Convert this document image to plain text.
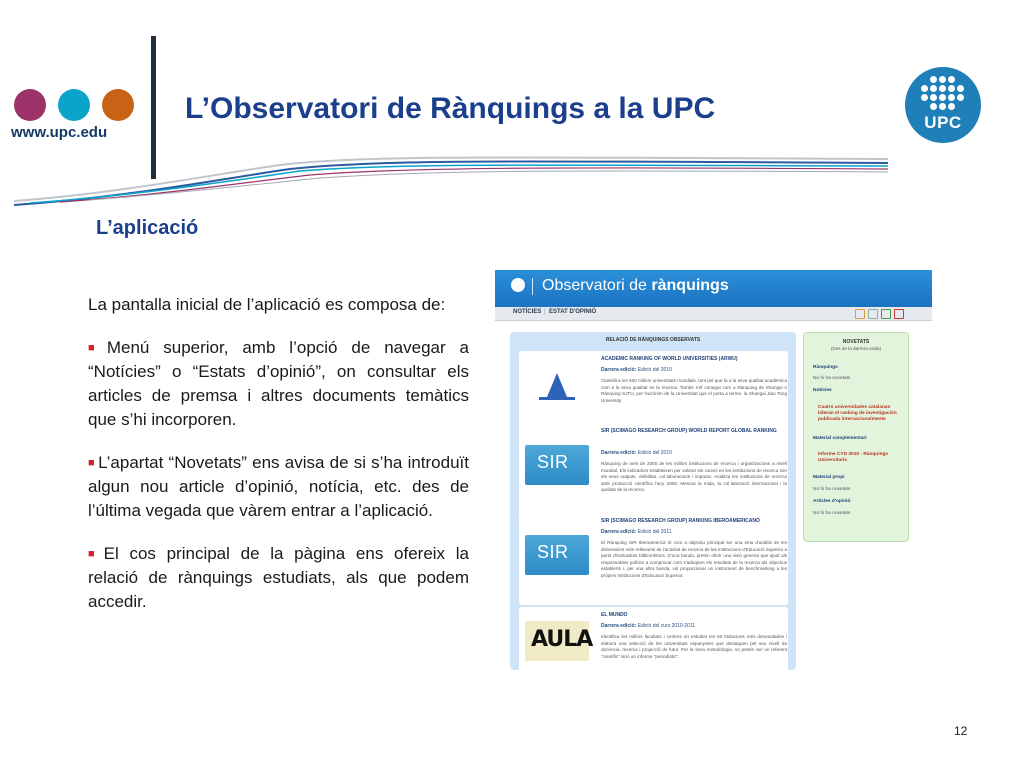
www.upc.edu
L’Observatori de Rànquings a la UPC	UPC
L’aplicació

La pantalla inicial de l’aplicació es composa de:

■ Menú superior, amb l’opció de navegar a “Notícies” o “Estats d’opinió”, on consultar els articles de premsa i altres documents temàtics que s’hi incorporen.

■ L’apartat “Novetats” ens avisa de si s’ha introduït algun nou article d’opinió, notícia, etc. des de l’última vegada que vàrem entrar a l’aplicació.

■ El cos principal de la pàgina ens ofereix la relació de rànquings estudiats, als que podem accedir.

12
Observatori de rànquings
NOTÍCIES | ESTAT D'OPINIÓ
RELACIÓ DE RÀNQUINGS OBSERVATS
ACADEMIC RANKING OF WORLD UNIVERSITIES (ARWU)
Darrera edició: Edició del 2010
Classifica les 500 millors universitats mundials, tant pel que fa a la seva qualitat acadèmica com a la seva qualitat en la recerca. També s'ef conegut com a Rànquing de Shangai o Rànquing SJTU, per l'acrònim de la Universitat que el porta a terme, la Shangai Jiao Tong University
SIR
SIR (SCIMAGO RESEARCH GROUP) WORLD REPORT GLOBAL RANKING
Darrera edició: Edició del 2010
Rànquing de més de 2000 de les millors institucions de recerca i organitzacions a nivell mundial. Els indicadors estableixen per valorar els canvis en les institucions de recerca són els seus outputs, visibilitat, col·laboracions i impacte. Analitza les institucions de recerca amb producció científica l'any 2008. Mesura la mida, la col·laboració internacional i la qualitat de la recerca.
SIR
SIR (SCIMAGO RESEARCH GROUP) RANKING IBEROAMERICANO
Darrera edició: Edició del 2011
El Rànquing SIR Iberoamericà té com a objectiu principal ser una eina d'anàlisi de les dimensions més rellevants de l'activitat de recerca de les institucions d'Educació Superior a partir d'indicadors bibliomètrics. D'una banda, pretén oferir una visió general que ajudi als responsables polítics a comprovar com s'adeqüen els resultats de la recerca als objectius establerts i, per una altra banda, vol proporcionar un instrument de benchmarking a les pròpies Institucions d'Educació Superior.
AULA
EL MUNDO
Darrera edició: Edició del curs 2010-2011
Identifica les millors facultats i centres on estudiar les 50 titulacions més demandades i elabora una selecció de les universitats espanyoles que destaquen pel seu nivell de docència, recerca i projecció de futur. Per la seva metodologia, no pretén ser un referent "científic" sinó un informe "periodístic".
NOVETATS
(Des de la darrera visita)
Rànquings
No hi ha novetats
Notícies
Cuatro universidades catalanas lideran el ranking de investigación publicada internacionalmente
Material complementari
Informe CYD 2010 - Rànquings Universitaris
Material propi
No hi ha novetats
Articles d'opinió
No hi ha novetats
